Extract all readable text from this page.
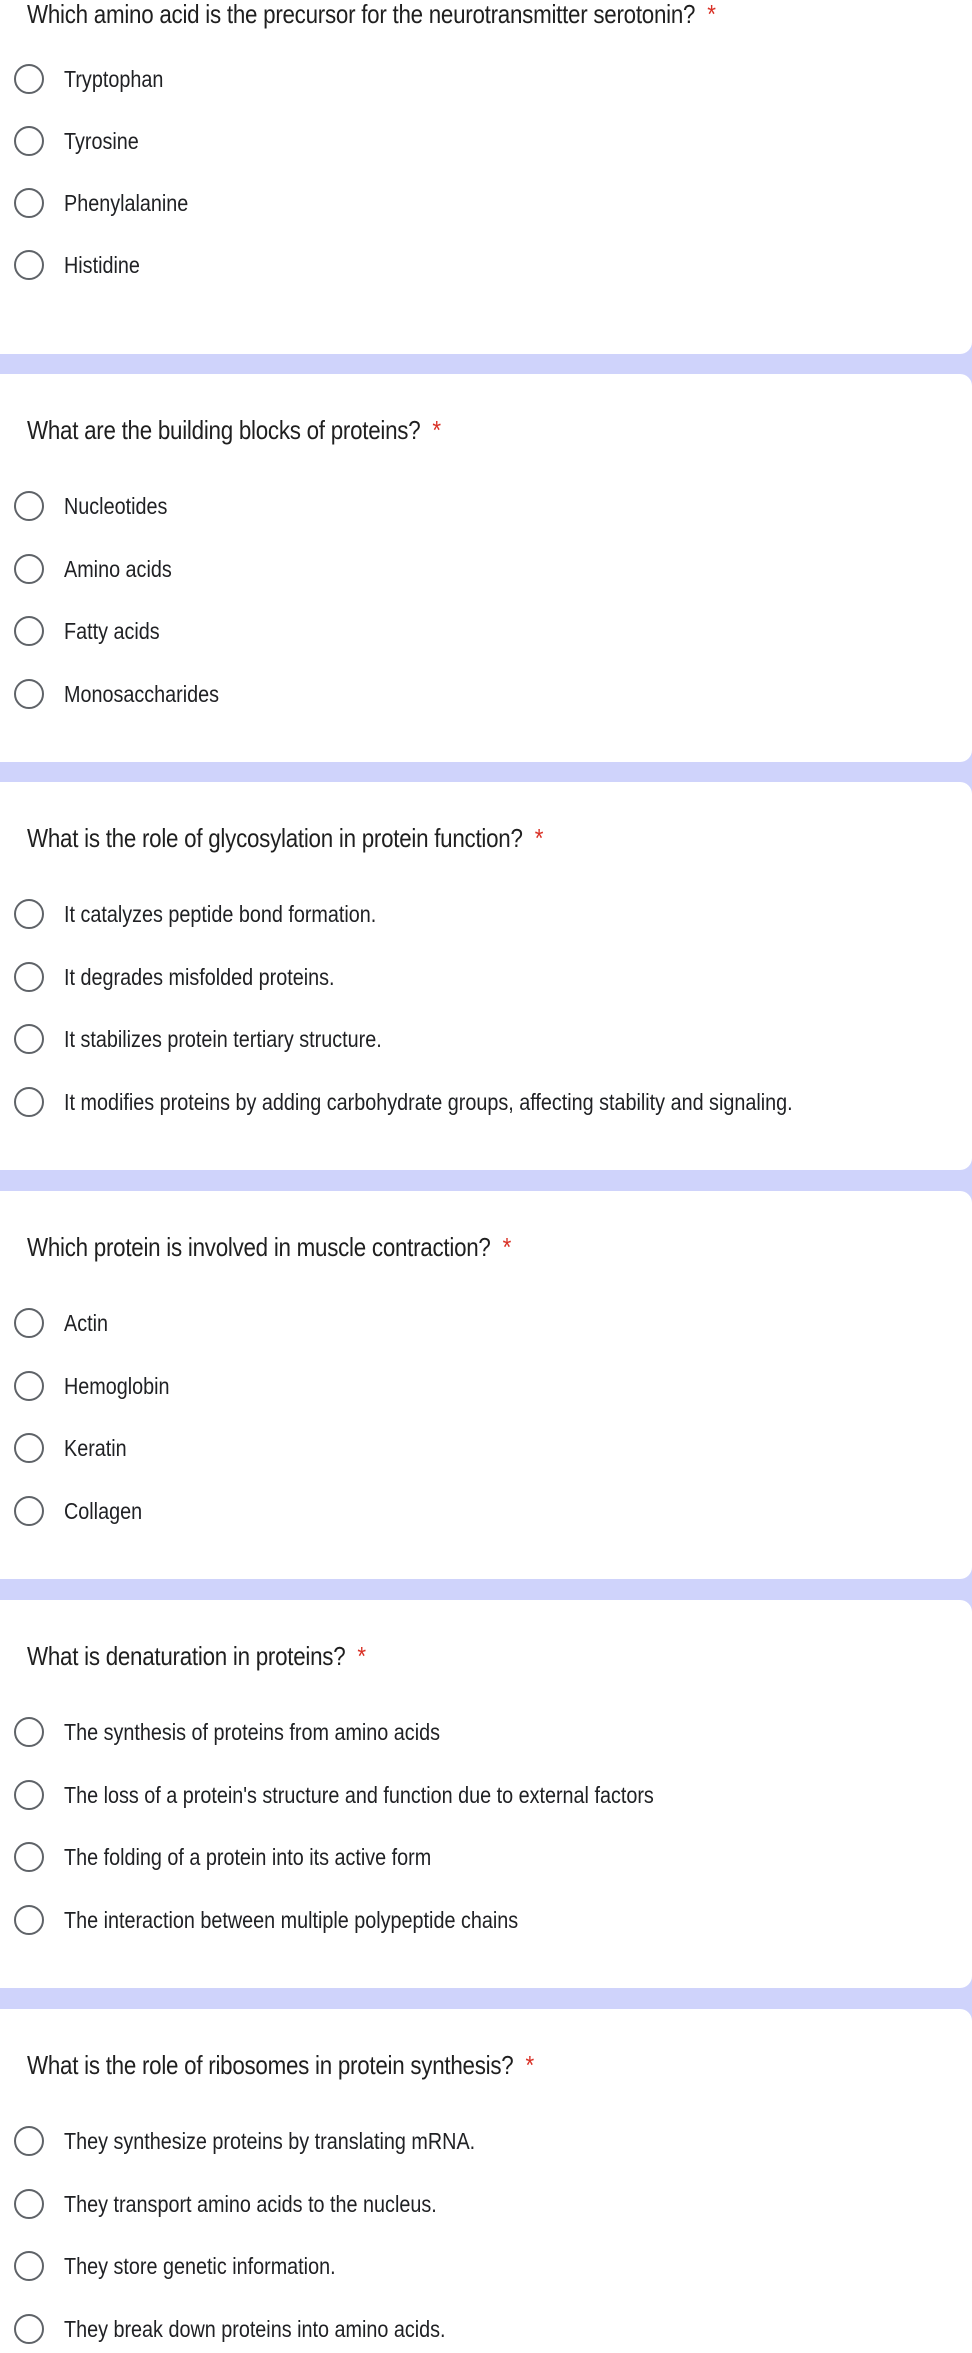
Which amino acid is the precursor for the neurotransmitter serotonin? *
Tryptophan
Tyrosine
Phenylalanine
Histidine
What are the building blocks of proteins? *
Nucleotides
Amino acids
Fatty acids
Monosaccharides
What is the role of glycosylation in protein function? *
It catalyzes peptide bond formation.
It degrades misfolded proteins.
It stabilizes protein tertiary structure.
It modifies proteins by adding carbohydrate groups, affecting stability and signaling.
Which protein is involved in muscle contraction? *
Actin
Hemoglobin
Keratin
Collagen
What is denaturation in proteins? *
The synthesis of proteins from amino acids
The loss of a protein's structure and function due to external factors
The folding of a protein into its active form
The interaction between multiple polypeptide chains
What is the role of ribosomes in protein synthesis? *
They synthesize proteins by translating mRNA.
They transport amino acids to the nucleus.
They store genetic information.
They break down proteins into amino acids.
